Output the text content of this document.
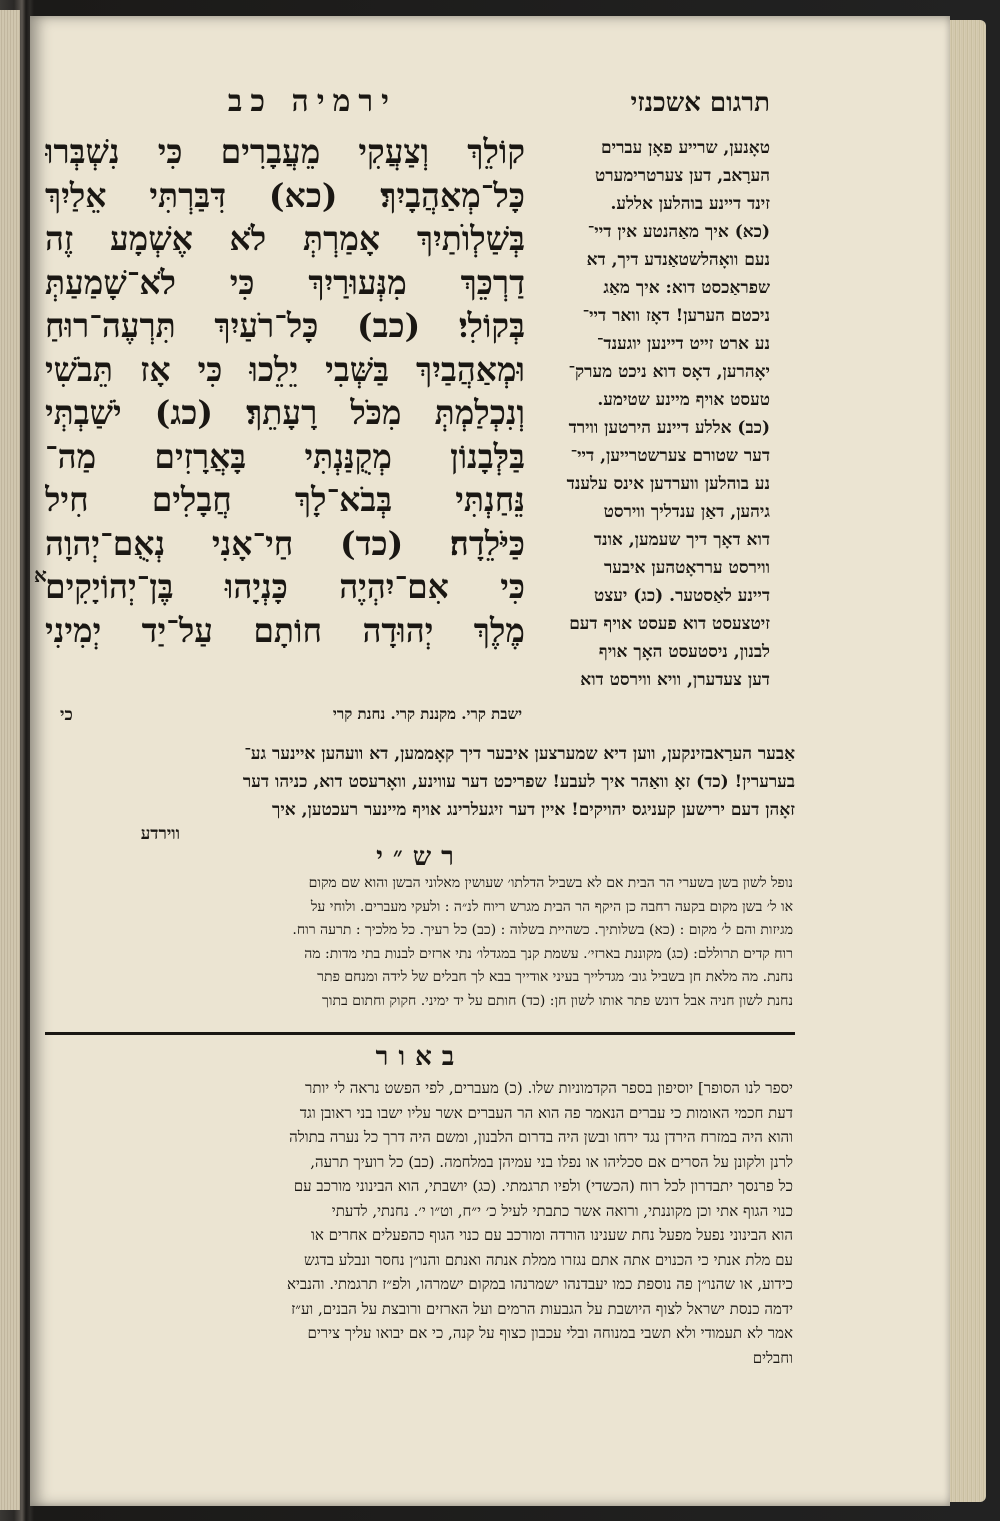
ירמיה כב	תרגום אשכנזי
קוֹלֵךְ וְצַעֲקִי מֵעֲבָרִים כִּי נִשְׁבְּרוּ
כָּל־מְאַהֲבָיִךְ׃ (כא) דִּבַּרְתִּי אֵלַיִךְ
בְּשַׁלְוֺתַיִךְ אָמַרְתְּ לֹא אֶשְׁמָע זֶה
דַרְכֵּךְ מִנְּעוּרַיִךְ כִּי לֹא־שָׁמַעַתְּ
בְּקוֹלִי׃ (כב) כָּל־רֹעַיִךְ תִּרְעֶה־רוּחַ
וּמְאַהֲבַיִךְ בַּשְּׁבִי יֵלֵכוּ כִּי אָז תֵּבֹשִׁי
וְנִכְלַמְתְּ מִכֹּל רָעָתֵךְ׃ (כג) יֹשַׁבְתְּי
בַּלְּבָנוֹן מְקֻנַּנְתִּי בָּאֲרָזִים מַה־
נֵּחַנְתִּי בְּבֹא־לָךְ חֲבָלִים חִיל
כַּיֹּלֵדָה׃ (כד) חַי־אָנִי נְאֻם־יְהוָה
כִּי אִם־יִהְיֶה כָּנְיָהוּ בֶּן־יְהוֹיָקִים
מֶלֶךְ יְהוּדָה חוֹתָם עַל־יַד יְמִינִי
א
ישבת קרי. מקננת קרי. נחנת קרי
כי
טאָנען, שרייע פאָן עברים
הערָאב, דען צערטרימערט
זינד דיינע בוהלען אללע.
(כא) איך מאַהנטע אין דיי־
נעם וואָהלשטאַנדע דיך, דא
שפראַכסט דוא: איך מאַג
ניכטם הערען! דאָז וואר דיי־
נע ארט זייט דיינען יוגענד־
יאָהרען, דאָס דוא ניכט מערק־
טעסט אויף מיינע שטימע.
(כב) אללע דיינע הירטען ווירד
דער שטורם צערשטרייען, דיי־
נע בוהלען ווערדען אינס עלענד
גיהען, דאַן ענדליך ווירסט
דוא דאָך דיך שעמען, אונד
ווירסט ערראָטהען איבער
דיינע לאַסטער. (כג) יעצט
זיטצעסט דוא פעסט אויף דעם
לבנון, ניסטעסט האָך אויף
דען צעדערן, וויא ווירסט דוא
אַבער הערַאבזינקען, ווען דיא שמערצען איבער דיך קאָממען, דא וועהען איינער גע־
בערערין! (כד) זאָ וואַהר איך לעבע! שפריכט דער עווינע, וואָרעסט דוא, כניהו דער
זאָהן דעם ירישען קעניגס יהויקים! איין דער זיגעלרינג אויף מיינער רעכטען, איך
ווירדע
רש״י
נופל לשון בשן בשערי הר הבית אם לא בשביל הדלתו׳ שעושין מאלוני הבשן והוא שם מקום
או ל׳ בשן מקום בקעה רחבה כן היקף הר הבית מגרש ריוח לנ״ה : ולעקי מעברים. ולוחי על
מגיזות והם ל׳ מקום : (כא) בשלותיך. כשהיית בשלוה : (כב) כל רעיך. כל מלכיך : תרעה רוח.
רוח קדים תרוללם: (כג) מקוננת בארזי׳. עשמת קנך במגדלו׳ נתי ארזים לבנות בתי מדות: מה
נחנת. מה מלאת חן בשביל גוב׳ מגדלייך בעיני אודייך בבא לך חבלים של לידה ומנחם פתר
נחנת לשון חניה אבל דונש פתר אותו לשון חן: (כד) חותם על יד ימיני. חקוק וחתום בתוך
באור
יספר לנו הסופר] יוסיפון בספר הקדמוניות שלו. (כ) מעברים, לפי הפשט נראה לי יותר
דעת חכמי האומות כי עברים הנאמר פה הוא הר העברים אשר עליו ישבו בני ראובן וגד
והוא היה במזרח הירדן נגד ירחו ובשן היה בדרום הלבנון, ומשם היה דרך כל נערה בתולה
לרנן ולקונן על הסרים אם סכליהו או נפלו בני עמיהן במלחמה. (כב) כל רועיך תרעה,
כל פרנסך יתבדרון לכל רוח (הכשדי) ולפיו תרגמתי. (כג) יושבתי, הוא הבינוני מורכב עם
כנוי הגוף אתי וכן מקוננתי, ורואה אשר כתבתי לעיל כ׳ י״ח, וט״ו י׳. נחנתי, לדעתי
הוא הבינוני נפעל מפעל נחת שענינו הורדה ומורכב עם כנוי הגוף כהפעלים אחרים או
עם מלת אנתי כי הכנוים אתה אתם נגזרו ממלת אנתה ואנתם והנו״ן נחסר ונבלע בדגש
כידוע, או שהנו״ן פה נוספת כמו יעבדנהו ישמרנהו במקום ישמרהו, ולפ״ז תרגמתי. והנביא
ידמה כנסת ישראל לצוף היושבת על הגבעות הרמים ועל הארזים ורובצת על הבנים, וע״ז
אמר לא תעמודי ולא תשבי במנוחה ובלי עכבון כצוף על קנה, כי אם יבואו עליך צירים
וחבלים
